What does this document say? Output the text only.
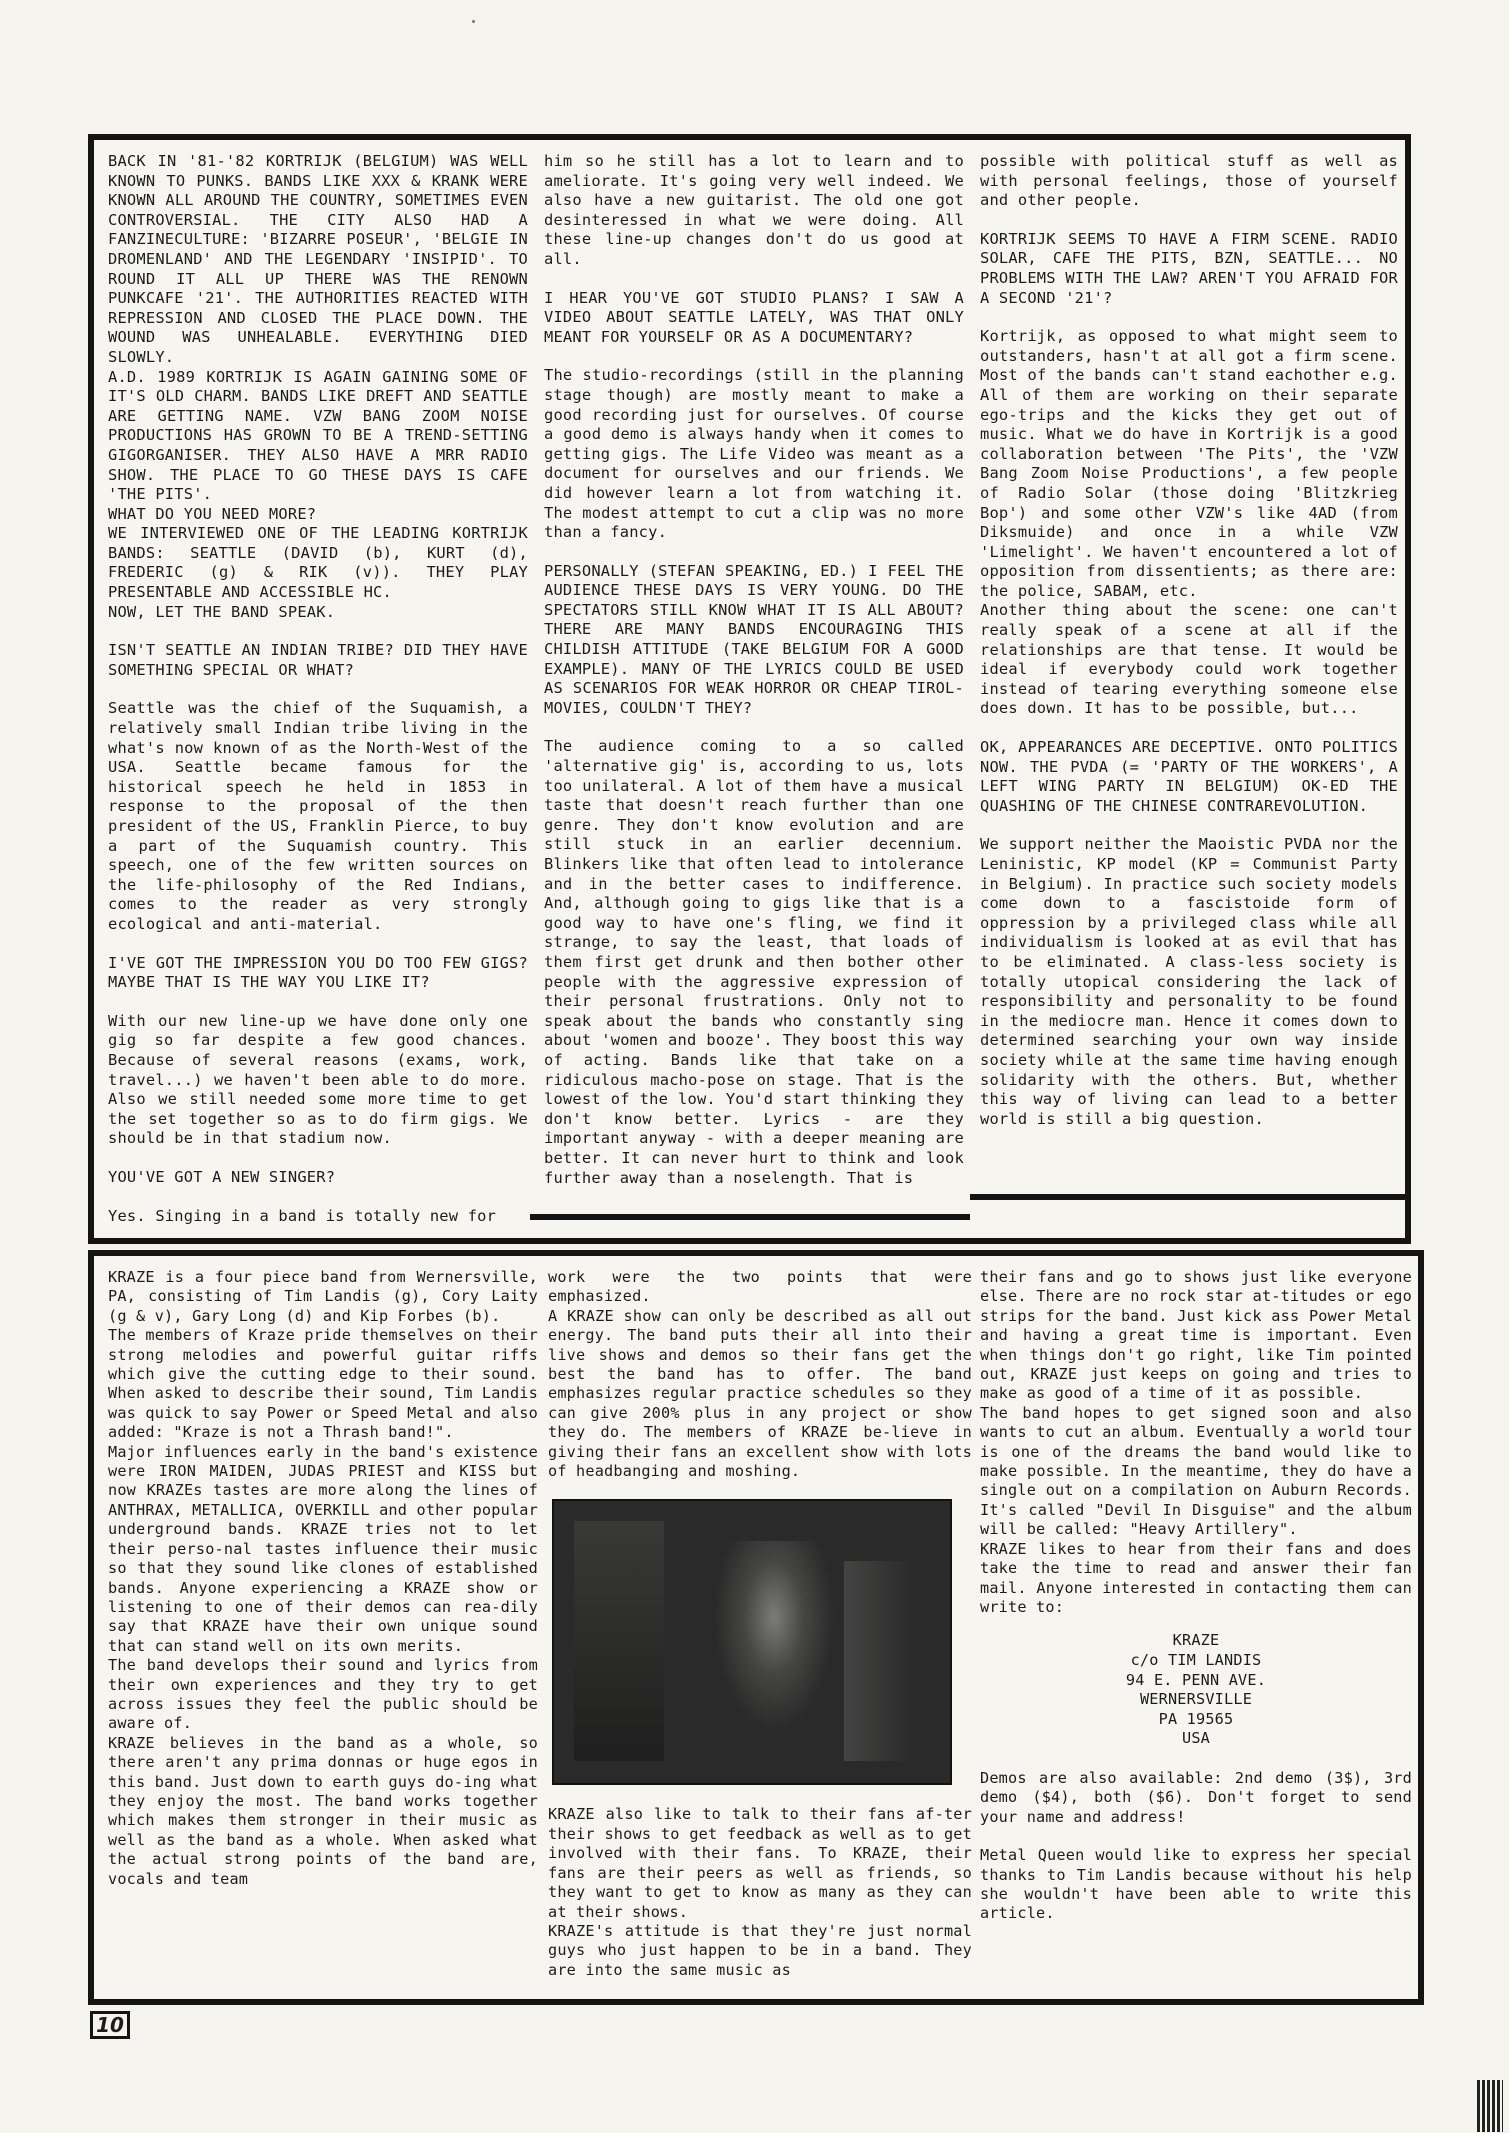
BACK IN '81-'82 KORTRIJK (BELGIUM) WAS WELL KNOWN TO PUNKS. BANDS LIKE XXX & KRANK WERE KNOWN ALL AROUND THE COUNTRY, SOMETIMES EVEN CONTROVERSIAL. THE CITY ALSO HAD A FANZINECULTURE: 'BIZARRE POSEUR', 'BELGIE IN DROMENLAND' AND THE LEGENDARY 'INSIPID'. TO ROUND IT ALL UP THERE WAS THE RENOWN PUNKCAFE '21'. THE AUTHORITIES REACTED WITH REPRESSION AND CLOSED THE PLACE DOWN. THE WOUND WAS UNHEALABLE. EVERYTHING DIED SLOWLY.
A.D. 1989 KORTRIJK IS AGAIN GAINING SOME OF IT'S OLD CHARM. BANDS LIKE DREFT AND SEATTLE ARE GETTING NAME. VZW BANG ZOOM NOISE PRODUCTIONS HAS GROWN TO BE A TREND-SETTING GIGORGANISER. THEY ALSO HAVE A MRR RADIO SHOW. THE PLACE TO GO THESE DAYS IS CAFE 'THE PITS'.
WHAT DO YOU NEED MORE?
WE INTERVIEWED ONE OF THE LEADING KORTRIJK BANDS: SEATTLE (DAVID (b), KURT (d), FREDERIC (g) & RIK (v)). THEY PLAY PRESENTABLE AND ACCESSIBLE HC.
NOW, LET THE BAND SPEAK.

ISN'T SEATTLE AN INDIAN TRIBE? DID THEY HAVE SOMETHING SPECIAL OR WHAT?

Seattle was the chief of the Suquamish, a relatively small Indian tribe living in the what's now known of as the North-West of the USA. Seattle became famous for the historical speech he held in 1853 in response to the proposal of the then president of the US, Franklin Pierce, to buy a part of the Suquamish country. This speech, one of the few written sources on the life-philosophy of the Red Indians, comes to the reader as very strongly ecological and anti-material.

I'VE GOT THE IMPRESSION YOU DO TOO FEW GIGS? MAYBE THAT IS THE WAY YOU LIKE IT?

With our new line-up we have done only one gig so far despite a few good chances. Because of several reasons (exams, work, travel...) we haven't been able to do more. Also we still needed some more time to get the set together so as to do firm gigs. We should be in that stadium now.

YOU'VE GOT A NEW SINGER?

Yes. Singing in a band is totally new for

him so he still has a lot to learn and to ameliorate. It's going very well indeed. We also have a new guitarist. The old one got desinteressed in what we were doing. All these line-up changes don't do us good at all.

I HEAR YOU'VE GOT STUDIO PLANS? I SAW A VIDEO ABOUT SEATTLE LATELY, WAS THAT ONLY MEANT FOR YOURSELF OR AS A DOCUMENTARY?

The studio-recordings (still in the planning stage though) are mostly meant to make a good recording just for ourselves. Of course a good demo is always handy when it comes to getting gigs. The Life Video was meant as a document for ourselves and our friends. We did however learn a lot from watching it. The modest attempt to cut a clip was no more than a fancy.

PERSONALLY (STEFAN SPEAKING, ED.) I FEEL THE AUDIENCE THESE DAYS IS VERY YOUNG. DO THE SPECTATORS STILL KNOW WHAT IT IS ALL ABOUT? THERE ARE MANY BANDS ENCOURAGING THIS CHILDISH ATTITUDE (TAKE BELGIUM FOR A GOOD EXAMPLE). MANY OF THE LYRICS COULD BE USED AS SCENARIOS FOR WEAK HORROR OR CHEAP TIROL-MOVIES, COULDN'T THEY?

The audience coming to a so called 'alternative gig' is, according to us, lots too unilateral. A lot of them have a musical taste that doesn't reach further than one genre. They don't know evolution and are still stuck in an earlier decennium. Blinkers like that often lead to intolerance and in the better cases to indifference. And, although going to gigs like that is a good way to have one's fling, we find it strange, to say the least, that loads of them first get drunk and then bother other people with the aggressive expression of their personal frustrations. Only not to speak about the bands who constantly sing about 'women and booze'. They boost this way of acting. Bands like that take on a ridiculous macho-pose on stage. That is the lowest of the low. You'd start thinking they don't know better. Lyrics - are they important anyway - with a deeper meaning are better. It can never hurt to think and look further away than a noselength. That is

possible with political stuff as well as with personal feelings, those of yourself and other people.

KORTRIJK SEEMS TO HAVE A FIRM SCENE. RADIO SOLAR, CAFE THE PITS, BZN, SEATTLE... NO PROBLEMS WITH THE LAW? AREN'T YOU AFRAID FOR A SECOND '21'?

Kortrijk, as opposed to what might seem to outstanders, hasn't at all got a firm scene. Most of the bands can't stand eachother e.g. All of them are working on their separate ego-trips and the kicks they get out of music. What we do have in Kortrijk is a good collaboration between 'The Pits', the 'VZW Bang Zoom Noise Productions', a few people of Radio Solar (those doing 'Blitzkrieg Bop') and some other VZW's like 4AD (from Diksmuide) and once in a while VZW 'Limelight'. We haven't encountered a lot of opposition from dissentients; as there are: the police, SABAM, etc.
Another thing about the scene: one can't really speak of a scene at all if the relationships are that tense. It would be ideal if everybody could work together instead of tearing everything someone else does down. It has to be possible, but...

OK, APPEARANCES ARE DECEPTIVE. ONTO POLITICS NOW. THE PVDA (= 'PARTY OF THE WORKERS', A LEFT WING PARTY IN BELGIUM) OK-ED THE QUASHING OF THE CHINESE CONTRAREVOLUTION.

We support neither the Maoistic PVDA nor the Leninistic, KP model (KP = Communist Party in Belgium). In practice such society models come down to a fascistoide form of oppression by a privileged class while all individualism is looked at as evil that has to be eliminated. A class-less society is totally utopical considering the lack of responsibility and personality to be found in the mediocre man. Hence it comes down to determined searching your own way inside society while at the same time having enough solidarity with the others. But, whether this way of living can lead to a better world is still a big question.

KRAZE is a four piece band from Wernersville, PA, consisting of Tim Landis (g), Cory Laity (g & v), Gary Long (d) and Kip Forbes (b).

The members of Kraze pride themselves on their strong melodies and powerful guitar riffs which give the cutting edge to their sound. When asked to describe their sound, Tim Landis was quick to say Power or Speed Metal and also added: "Kraze is not a Thrash band!".

Major influences early in the band's existence were IRON MAIDEN, JUDAS PRIEST and KISS but now KRAZEs tastes are more along the lines of ANTHRAX, METALLICA, OVERKILL and other popular underground bands. KRAZE tries not to let their perso-nal tastes influence their music so that they sound like clones of established bands. Anyone experiencing a KRAZE show or listening to one of their demos can rea-dily say that KRAZE have their own unique sound that can stand well on its own merits.

The band develops their sound and lyrics from their own experiences and they try to get across issues they feel the public should be aware of.

KRAZE believes in the band as a whole, so there aren't any prima donnas or huge egos in this band. Just down to earth guys do-ing what they enjoy the most. The band works together which makes them stronger in their music as well as the band as a whole. When asked what the actual strong points of the band are, vocals and team

work were the two points that were emphasized.

A KRAZE show can only be described as all out energy. The band puts their all into their live shows and demos so their fans get the best the band has to offer. The band emphasizes regular practice schedules so they can give 200% plus in any project or show they do. The members of KRAZE be-lieve in giving their fans an excellent show with lots of headbanging and moshing.

KRAZE also like to talk to their fans af-ter their shows to get feedback as well as to get involved with their fans. To KRAZE, their fans are their peers as well as friends, so they want to get to know as many as they can at their shows.

KRAZE's attitude is that they're just normal guys who just happen to be in a band. They are into the same music as

their fans and go to shows just like everyone else. There are no rock star at-titudes or ego strips for the band. Just kick ass Power Metal and having a great time is important. Even when things don't go right, like Tim pointed out, KRAZE just keeps on going and tries to make as good of a time of it as possible.

The band hopes to get signed soon and also wants to cut an album. Eventually a world tour is one of the dreams the band would like to make possible. In the meantime, they do have a single out on a compilation on Auburn Records. It's called "Devil In Disguise" and the album will be called: "Heavy Artillery".

KRAZE likes to hear from their fans and does take the time to read and answer their fan mail. Anyone interested in contacting them can write to:

KRAZE
c/o TIM LANDIS
94 E. PENN AVE.
WERNERSVILLE
PA 19565
USA

Demos are also available: 2nd demo (3$), 3rd demo ($4), both ($6). Don't forget to send your name and address!

Metal Queen would like to express her special thanks to Tim Landis because without his help she wouldn't have been able to write this article.

10
